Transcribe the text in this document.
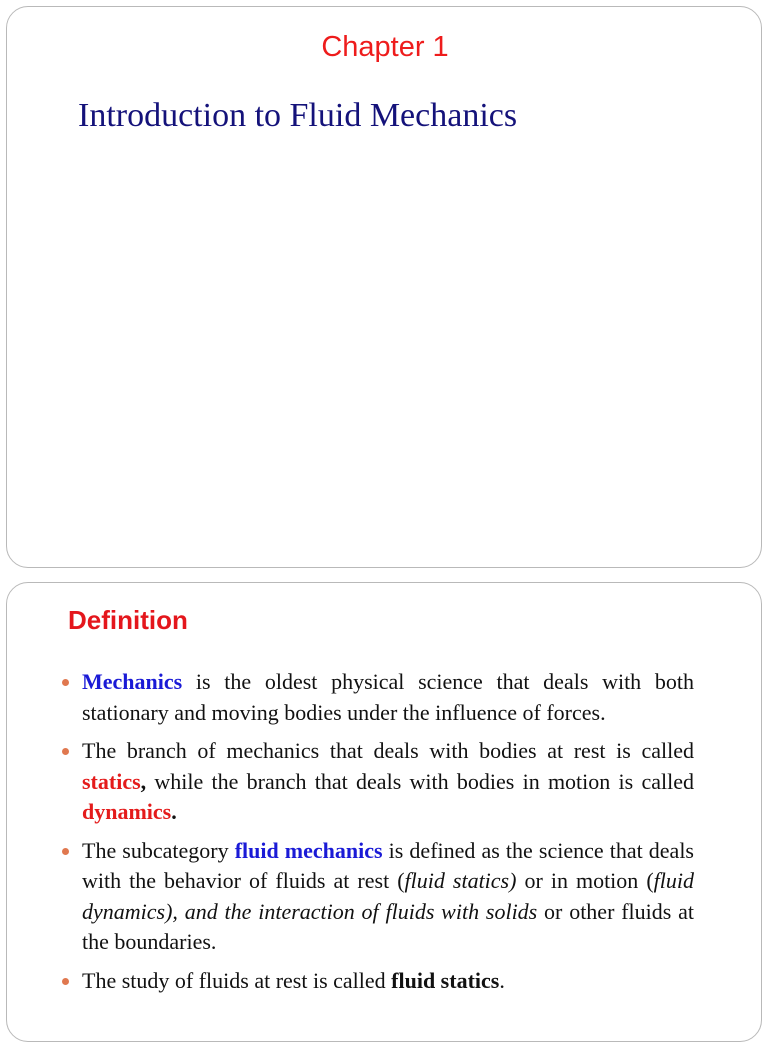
Chapter 1
Introduction to Fluid Mechanics
Definition
Mechanics is the oldest physical science that deals with both stationary and moving bodies under the influence of forces.
The branch of mechanics that deals with bodies at rest is called statics, while the branch that deals with bodies in motion is called dynamics.
The subcategory fluid mechanics is defined as the science that deals with the behavior of fluids at rest (fluid statics) or in motion (fluid dynamics), and the interaction of fluids with solids or other fluids at the boundaries.
The study of fluids at rest is called fluid statics.
